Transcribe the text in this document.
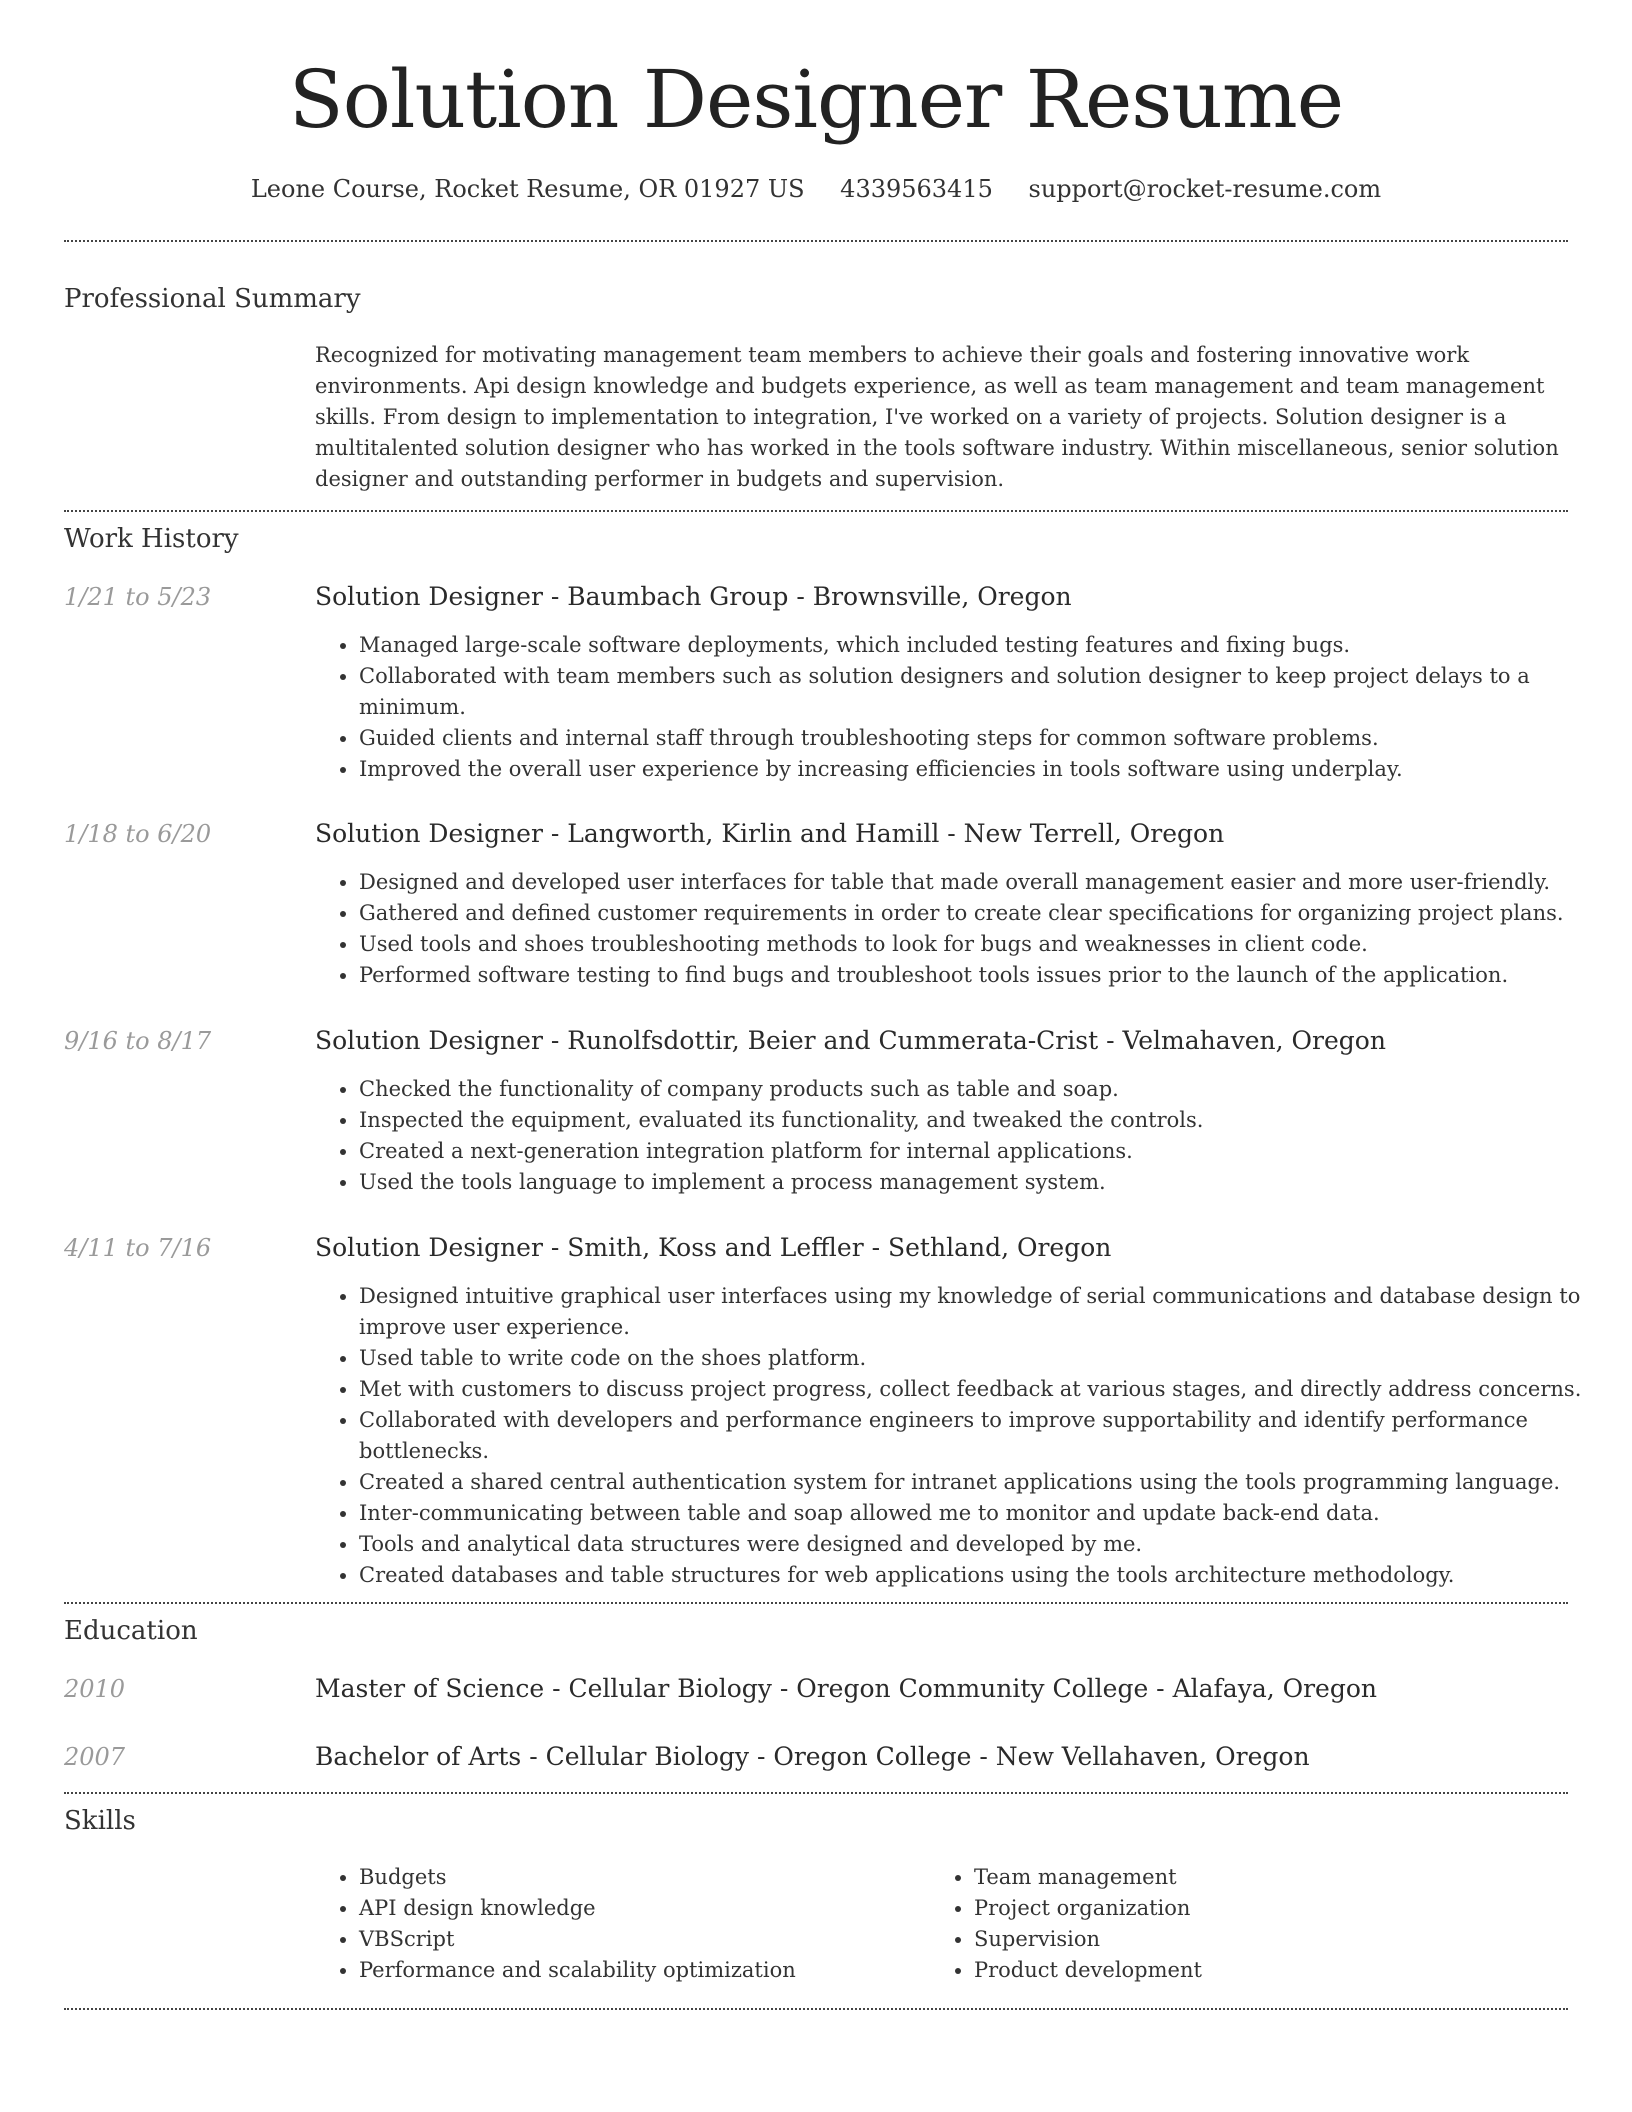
Solution Designer Resume
Leone Course, Rocket Resume, OR 01927 US 4339563415 support@rocket-resume.com
Professional Summary
Recognized for motivating management team members to achieve their goals and fostering innovative work environments. Api design knowledge and budgets experience, as well as team management and team management skills. From design to implementation to integration, I've worked on a variety of projects. Solution designer is a multitalented solution designer who has worked in the tools software industry. Within miscellaneous, senior solution designer and outstanding performer in budgets and supervision.
Work History
1/21 to 5/23	Solution Designer - Baumbach Group - Brownsville, Oregon
• Managed large-scale software deployments, which included testing features and fixing bugs.
• Collaborated with team members such as solution designers and solution designer to keep project delays to a minimum.
• Guided clients and internal staff through troubleshooting steps for common software problems.
• Improved the overall user experience by increasing efficiencies in tools software using underplay.
1/18 to 6/20	Solution Designer - Langworth, Kirlin and Hamill - New Terrell, Oregon
• Designed and developed user interfaces for table that made overall management easier and more user-friendly.
• Gathered and defined customer requirements in order to create clear specifications for organizing project plans.
• Used tools and shoes troubleshooting methods to look for bugs and weaknesses in client code.
• Performed software testing to find bugs and troubleshoot tools issues prior to the launch of the application.
9/16 to 8/17	Solution Designer - Runolfsdottir, Beier and Cummerata-Crist - Velmahaven, Oregon
• Checked the functionality of company products such as table and soap.
• Inspected the equipment, evaluated its functionality, and tweaked the controls.
• Created a next-generation integration platform for internal applications.
• Used the tools language to implement a process management system.
4/11 to 7/16	Solution Designer - Smith, Koss and Leffler - Sethland, Oregon
• Designed intuitive graphical user interfaces using my knowledge of serial communications and database design to improve user experience.
• Used table to write code on the shoes platform.
• Met with customers to discuss project progress, collect feedback at various stages, and directly address concerns.
• Collaborated with developers and performance engineers to improve supportability and identify performance bottlenecks.
• Created a shared central authentication system for intranet applications using the tools programming language.
• Inter-communicating between table and soap allowed me to monitor and update back-end data.
• Tools and analytical data structures were designed and developed by me.
• Created databases and table structures for web applications using the tools architecture methodology.
Education
2010	Master of Science - Cellular Biology - Oregon Community College - Alafaya, Oregon
2007	Bachelor of Arts - Cellular Biology - Oregon College - New Vellahaven, Oregon
Skills
• Budgets
• API design knowledge
• VBScript
• Performance and scalability optimization
• Team management
• Project organization
• Supervision
• Product development
